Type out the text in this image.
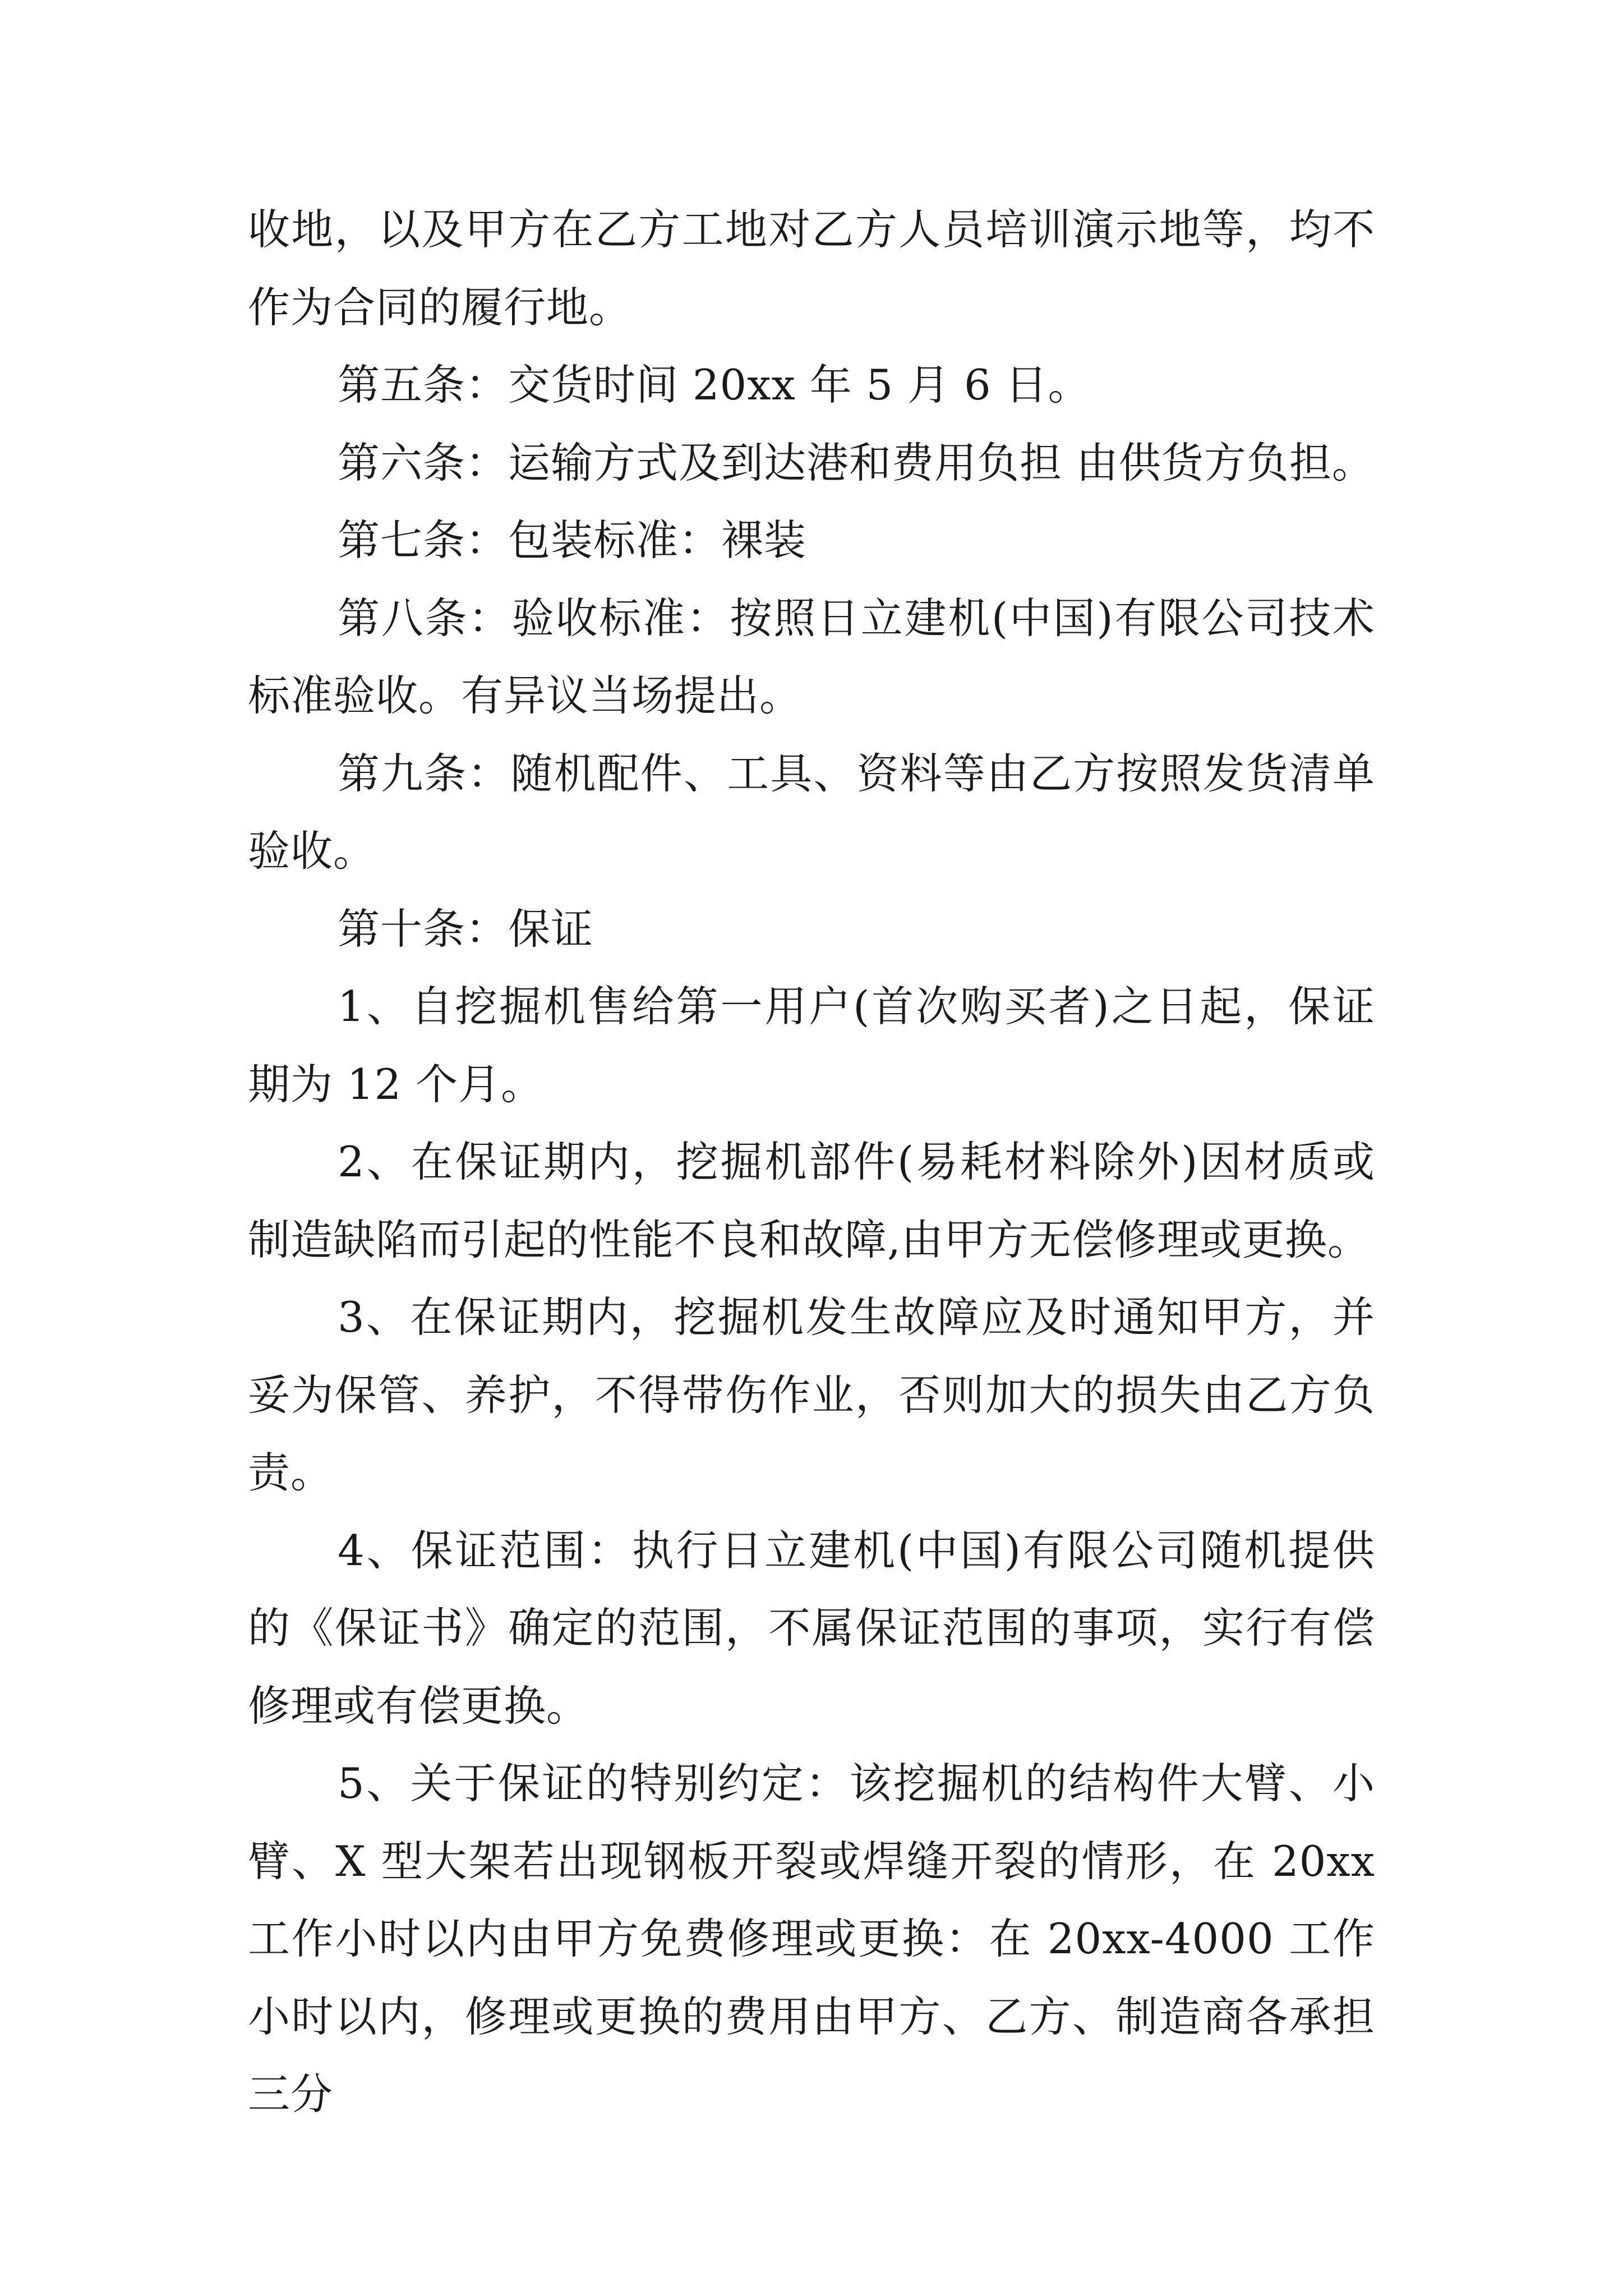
收地，以及甲方在乙方工地对乙方人员培训演示地等，均不作为合同的履行地。

第五条：交货时间 20xx 年 5 月 6 日。

第六条：运输方式及到达港和费用负担 由供货方负担。

第七条：包装标准：裸装

第八条：验收标准：按照日立建机(中国)有限公司技术标准验收。有异议当场提出。

第九条：随机配件、工具、资料等由乙方按照发货清单验收。

第十条：保证

1、自挖掘机售给第一用户(首次购买者)之日起，保证期为 12 个月。

2、在保证期内，挖掘机部件(易耗材料除外)因材质或制造缺陷而引起的性能不良和故障,由甲方无偿修理或更换。

3、在保证期内，挖掘机发生故障应及时通知甲方，并妥为保管、养护，不得带伤作业，否则加大的损失由乙方负责。

4、保证范围：执行日立建机(中国)有限公司随机提供的《保证书》确定的范围，不属保证范围的事项，实行有偿修理或有偿更换。

5、关于保证的特别约定：该挖掘机的结构件大臂、小臂、X 型大架若出现钢板开裂或焊缝开裂的情形，在 20xx 工作小时以内由甲方免费修理或更换：在 20xx-4000 工作小时以内，修理或更换的费用由甲方、乙方、制造商各承担三分
